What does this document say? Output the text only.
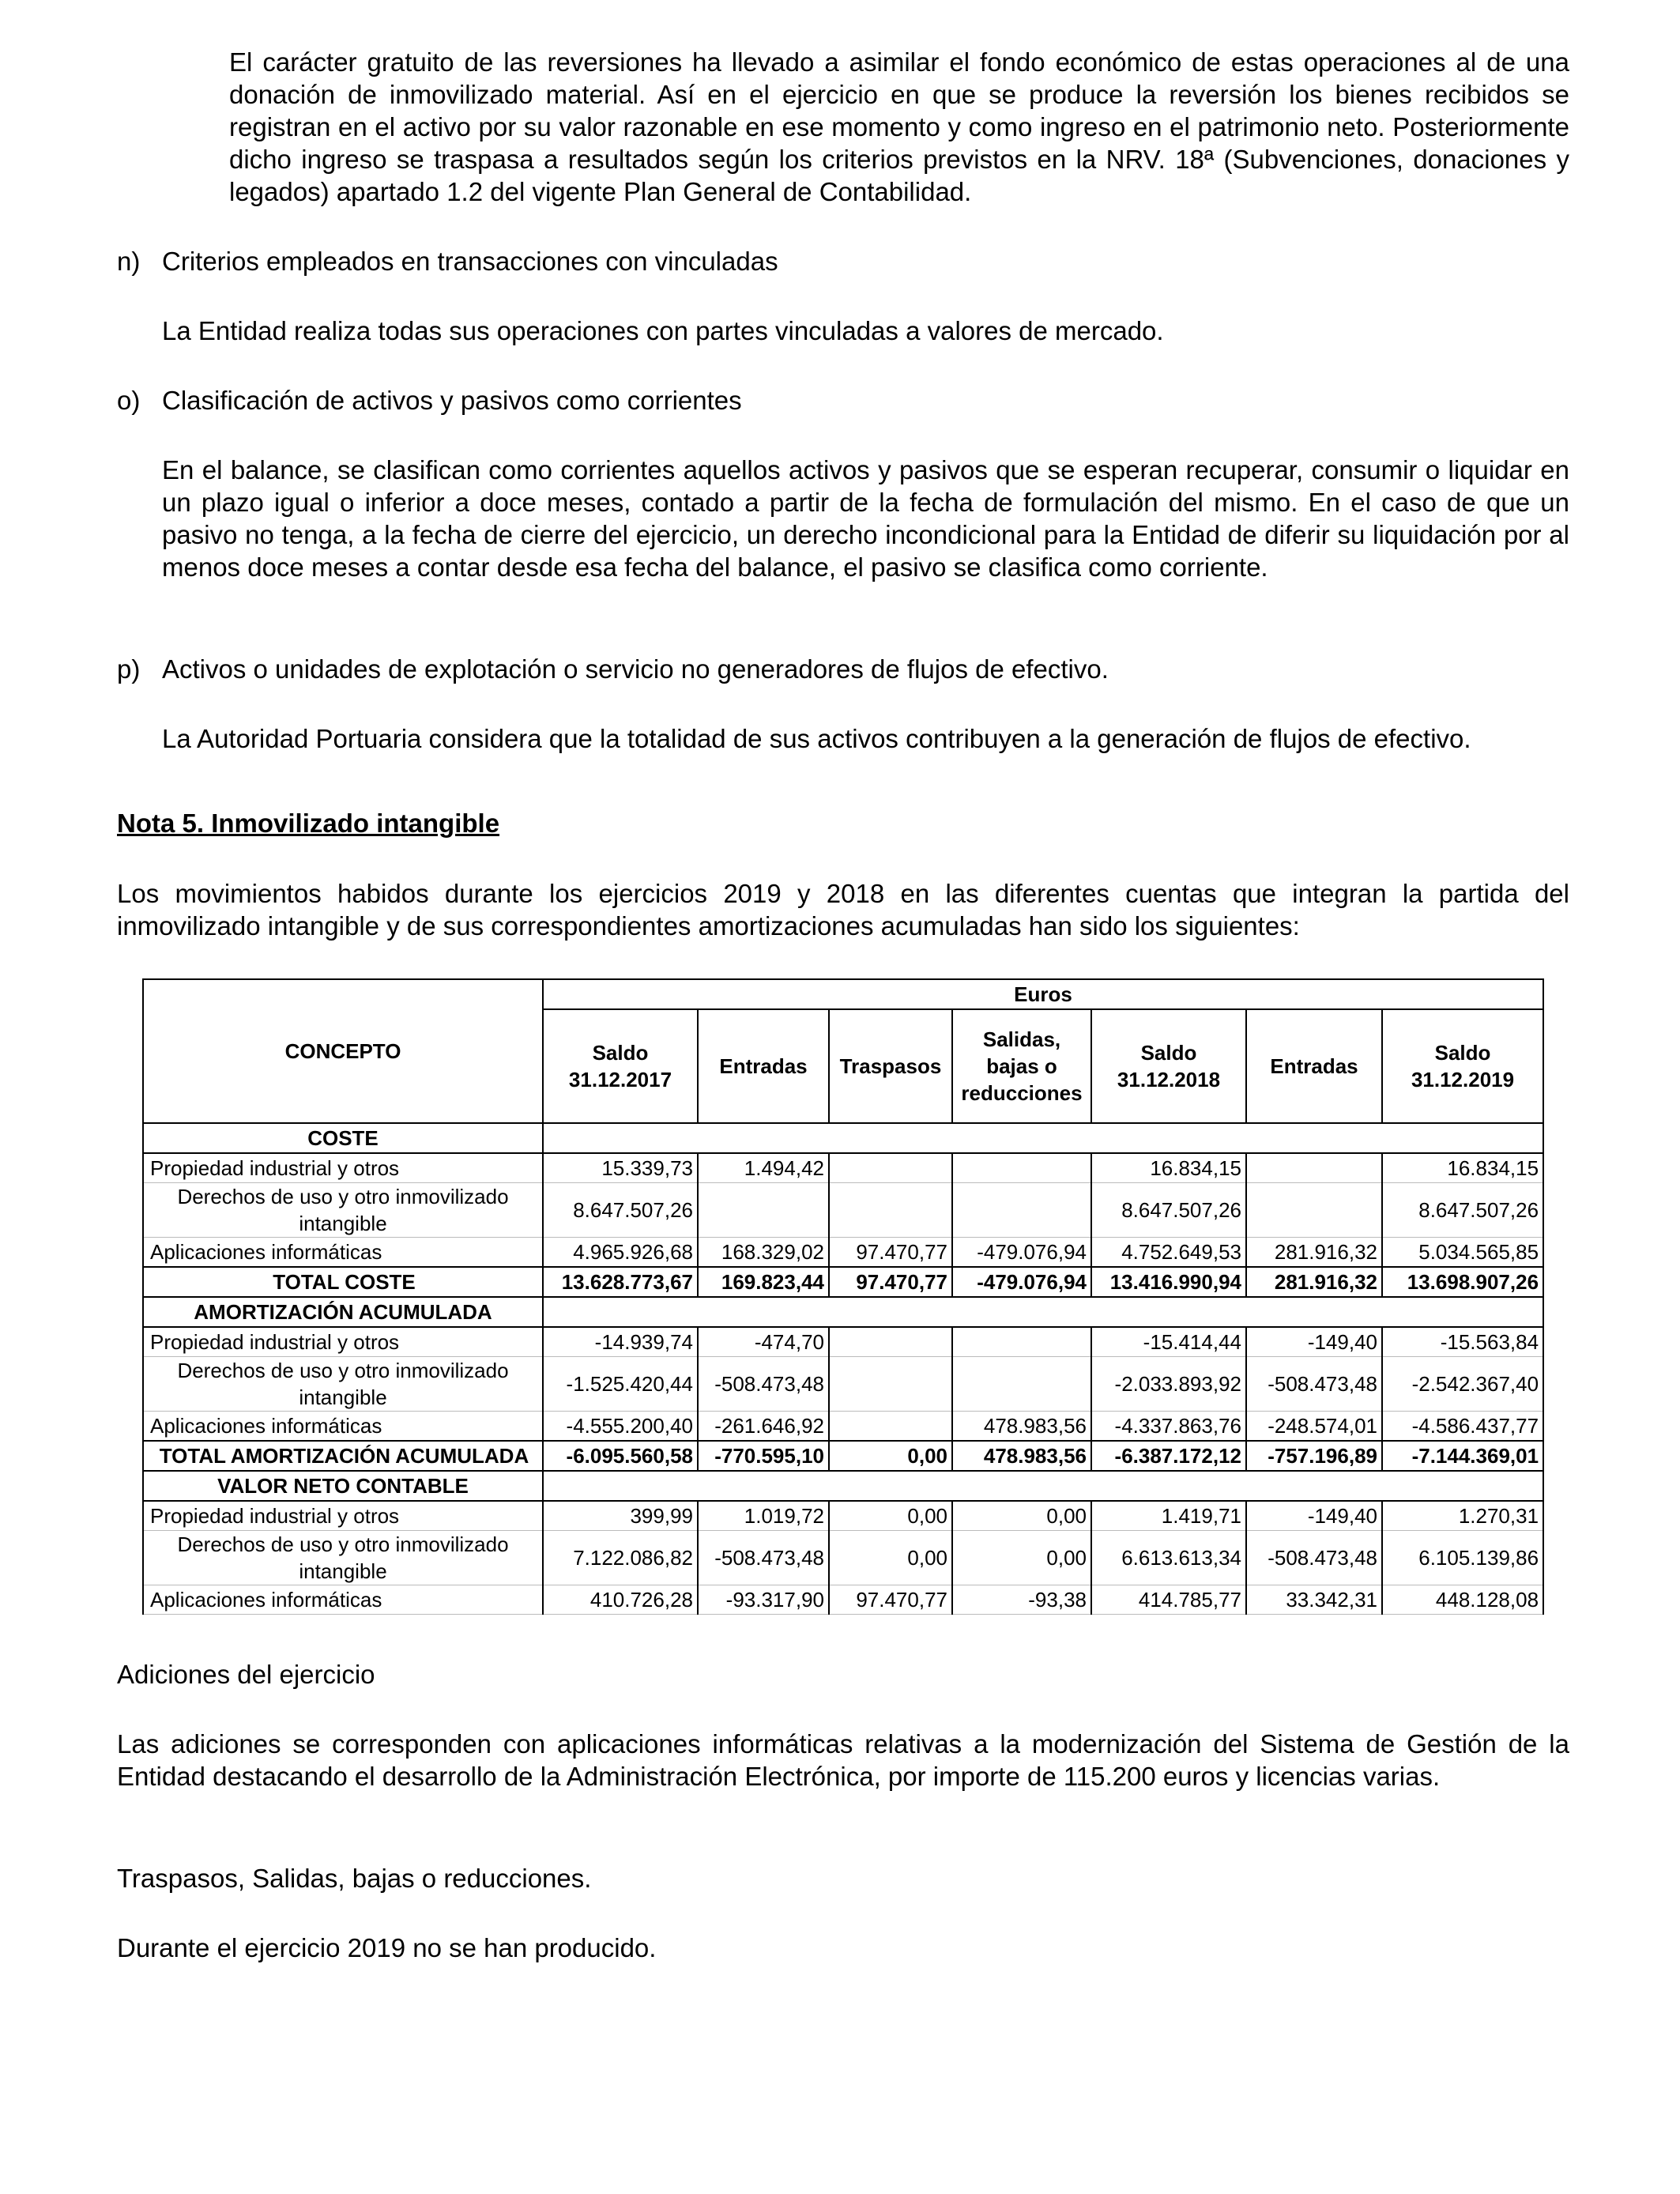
El carácter gratuito de las reversiones ha llevado a asimilar el fondo económico de estas operaciones al de una donación de inmovilizado material. Así en el ejercicio en que se produce la reversión los bienes recibidos se registran en el activo por su valor razonable en ese momento y como ingreso en el patrimonio neto. Posteriormente dicho ingreso se traspasa a resultados según los criterios previstos en la NRV. 18ª (Subvenciones, donaciones y legados) apartado 1.2 del vigente Plan General de Contabilidad.

n) Criterios empleados en transacciones con vinculadas

La Entidad realiza todas sus operaciones con partes vinculadas a valores de mercado.

o) Clasificación de activos y pasivos como corrientes

En el balance, se clasifican como corrientes aquellos activos y pasivos que se esperan recuperar, consumir o liquidar en un plazo igual o inferior a doce meses, contado a partir de la fecha de formulación del mismo. En el caso de que un pasivo no tenga, a la fecha de cierre del ejercicio, un derecho incondicional para la Entidad de diferir su liquidación por al menos doce meses a contar desde esa fecha del balance, el pasivo se clasifica como corriente.

p) Activos o unidades de explotación o servicio no generadores de flujos de efectivo.

La Autoridad Portuaria considera que la totalidad de sus activos contribuyen a la generación de flujos de efectivo.

Nota 5. Inmovilizado intangible

Los movimientos habidos durante los ejercicios 2019 y 2018 en las diferentes cuentas que integran la partida del inmovilizado intangible y de sus correspondientes amortizaciones acumuladas han sido los siguientes:

CONCEPTO	Euros						
	Saldo 31.12.2017	Entradas	Traspasos	Salidas, bajas o reducciones	Saldo 31.12.2018	Entradas	Saldo 31.12.2019
COSTE							
Propiedad industrial y otros	15.339,73	1.494,42			16.834,15		16.834,15
Derechos de uso y otro inmovilizado intangible	8.647.507,26				8.647.507,26		8.647.507,26
Aplicaciones informáticas	4.965.926,68	168.329,02	97.470,77	-479.076,94	4.752.649,53	281.916,32	5.034.565,85
TOTAL COSTE	13.628.773,67	169.823,44	97.470,77	-479.076,94	13.416.990,94	281.916,32	13.698.907,26
AMORTIZACIÓN ACUMULADA							
Propiedad industrial y otros	-14.939,74	-474,70			-15.414,44	-149,40	-15.563,84
Derechos de uso y otro inmovilizado intangible	-1.525.420,44	-508.473,48			-2.033.893,92	-508.473,48	-2.542.367,40
Aplicaciones informáticas	-4.555.200,40	-261.646,92		478.983,56	-4.337.863,76	-248.574,01	-4.586.437,77
TOTAL AMORTIZACIÓN ACUMULADA	-6.095.560,58	-770.595,10	0,00	478.983,56	-6.387.172,12	-757.196,89	-7.144.369,01
VALOR NETO CONTABLE							
Propiedad industrial y otros	399,99	1.019,72	0,00	0,00	1.419,71	-149,40	1.270,31
Derechos de uso y otro inmovilizado intangible	7.122.086,82	-508.473,48	0,00	0,00	6.613.613,34	-508.473,48	6.105.139,86
Aplicaciones informáticas	410.726,28	-93.317,90	97.470,77	-93,38	414.785,77	33.342,31	448.128,08

Adiciones del ejercicio

Las adiciones se corresponden con aplicaciones informáticas relativas a la modernización del Sistema de Gestión de la Entidad destacando el desarrollo de la Administración Electrónica, por importe de 115.200 euros y licencias varias.

Traspasos, Salidas, bajas o reducciones.

Durante el ejercicio 2019 no se han producido.
